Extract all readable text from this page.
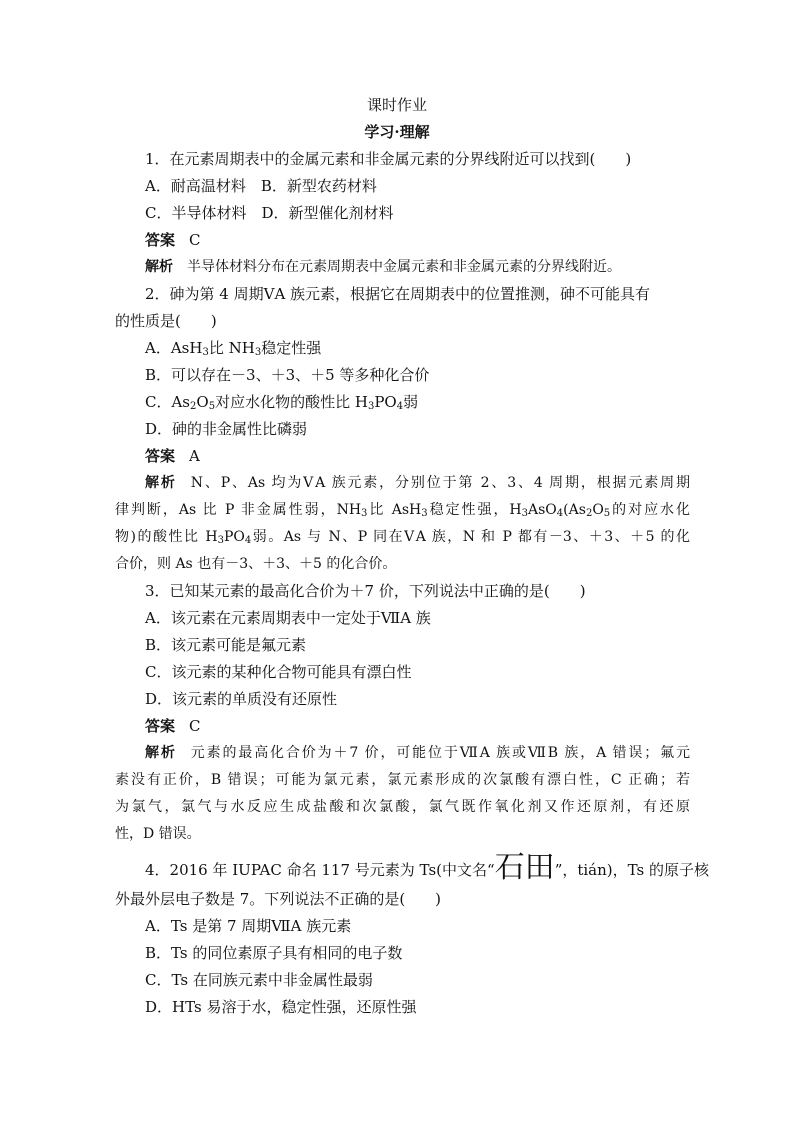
课时作业
学习·理解
1．在元素周期表中的金属元素和非金属元素的分界线附近可以找到(　　)
A．耐高温材料　B．新型农药材料
C．半导体材料　D．新型催化剂材料
答案 C
解析 半导体材料分布在元素周期表中金属元素和非金属元素的分界线附近。
2．砷为第 4 周期ⅤA 族元素，根据它在周期表中的位置推测，砷不可能具有
的性质是(　　)
A．AsH$_3$比 $NH_3$稳定性强
B．可以存在－3、＋3、＋5 等多种化合价
C．$As_2O_5$对应水化物的酸性比 $H_3PO_4$弱
D．砷的非金属性比磷弱
答案 A
解析 N、P、As 均为ⅤA 族元素，分别位于第 2、3、4 周期，根据元素周期
律判断，As 比 P 非金属性弱，$NH_3$比 AsH$_3$稳定性强，$H_3AsO_4(As_2O_5$的对应水化
物)的酸性比 $H_3PO_4$弱。As 与 N、P 同在ⅤA 族，N 和 P 都有－3、＋3、＋5 的化
合价，则 As 也有－3、＋3、＋5 的化合价。
3．已知某元素的最高化合价为＋7 价，下列说法中正确的是(　　)
A．该元素在元素周期表中一定处于ⅦA 族
B．该元素可能是氟元素
C．该元素的某种化合物可能具有漂白性
D．该元素的单质没有还原性
答案 C
解析 元素的最高化合价为＋7 价，可能位于ⅦA 族或ⅦB 族，A 错误；氟元
素没有正价，B 错误；可能为氯元素，氯元素形成的次氯酸有漂白性，C 正确；若
为氯气，氯气与水反应生成盐酸和次氯酸，氯气既作氧化剂又作还原剂，有还原
性，D 错误。
4．2016 年 IUPAC 命名 117 号元素为 Ts(中文名“石田”，tián)，Ts 的原子核
外最外层电子数是 7。下列说法不正确的是(　　)
A．Ts 是第 7 周期ⅦA 族元素
B．Ts 的同位素原子具有相同的电子数
C．Ts 在同族元素中非金属性最弱
D．HTs 易溶于水，稳定性强，还原性强
